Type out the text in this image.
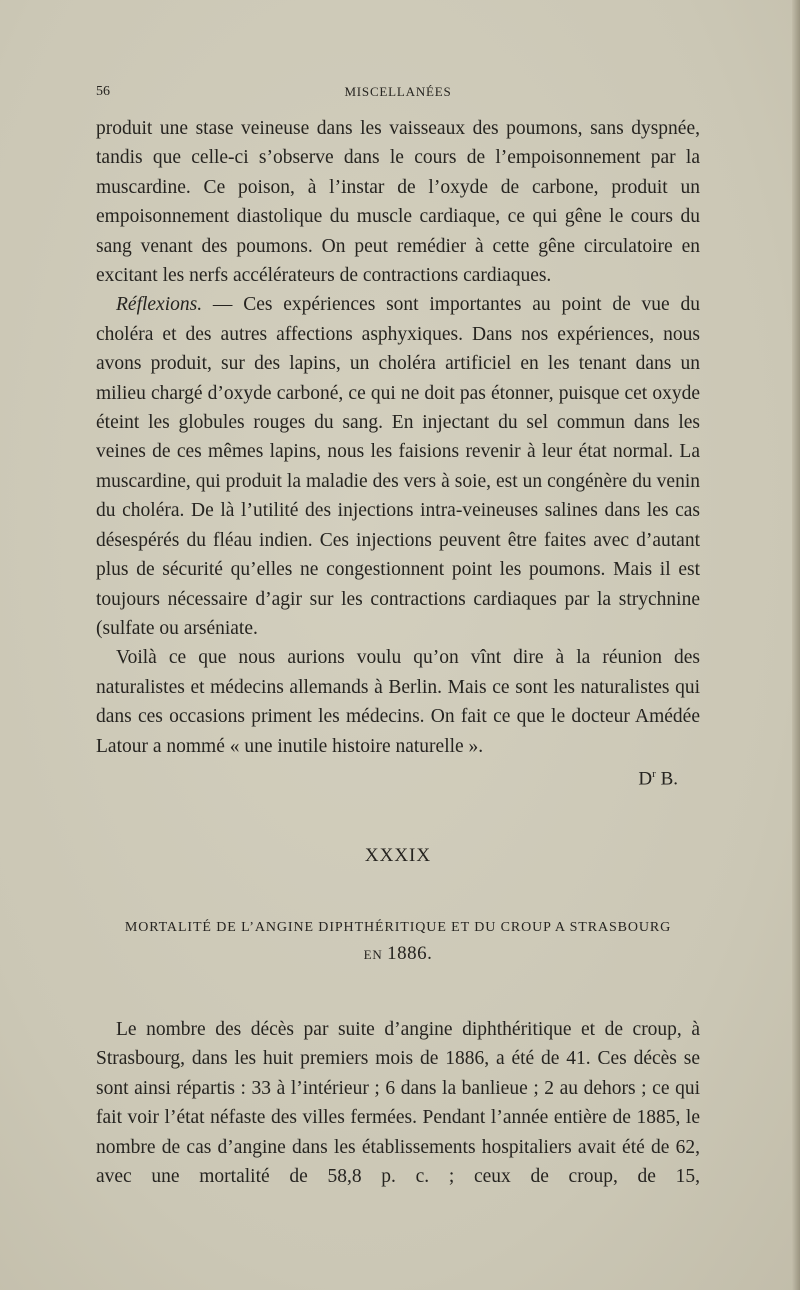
56	MISCELLANÉES

produit une stase veineuse dans les vaisseaux des poumons, sans dyspnée, tandis que celle-ci s’observe dans le cours de l’empoisonnement par la muscardine. Ce poison, à l’instar de l’oxyde de carbone, produit un empoisonnement diastolique du muscle cardiaque, ce qui gêne le cours du sang venant des poumons. On peut remédier à cette gêne circulatoire en excitant les nerfs accélérateurs de contractions cardiaques.

Réflexions. — Ces expériences sont importantes au point de vue du choléra et des autres affections asphyxiques. Dans nos expériences, nous avons produit, sur des lapins, un choléra artificiel en les tenant dans un milieu chargé d’oxyde carboné, ce qui ne doit pas étonner, puisque cet oxyde éteint les globules rouges du sang. En injectant du sel commun dans les veines de ces mêmes lapins, nous les faisions revenir à leur état normal. La muscardine, qui produit la maladie des vers à soie, est un congénère du venin du choléra. De là l’utilité des injections intra-veineuses salines dans les cas désespérés du fléau indien. Ces injections peuvent être faites avec d’autant plus de sécurité qu’elles ne congestionnent point les poumons. Mais il est toujours nécessaire d’agir sur les contractions cardiaques par la strychnine (sulfate ou arséniate.

Voilà ce que nous aurions voulu qu’on vînt dire à la réunion des naturalistes et médecins allemands à Berlin. Mais ce sont les naturalistes qui dans ces occasions priment les médecins. On fait ce que le docteur Amédée Latour a nommé « une inutile histoire naturelle ».

$D^r$ B.

XXXIX
MORTALITÉ DE L’ANGINE DIPHTHÉRITIQUE ET DU CROUP A STRASBOURG
EN 1886.

Le nombre des décès par suite d’angine diphthéritique et de croup, à Strasbourg, dans les huit premiers mois de 1886, a été de 41. Ces décès se sont ainsi répartis : 33 à l’intérieur ; 6 dans la banlieue ; 2 au dehors ; ce qui fait voir l’état néfaste des villes fermées. Pendant l’année entière de 1885, le nombre de cas d’angine dans les établissements hospitaliers avait été de 62, avec une mortalité de 58,8 p. c. ; ceux de croup, de 15,
